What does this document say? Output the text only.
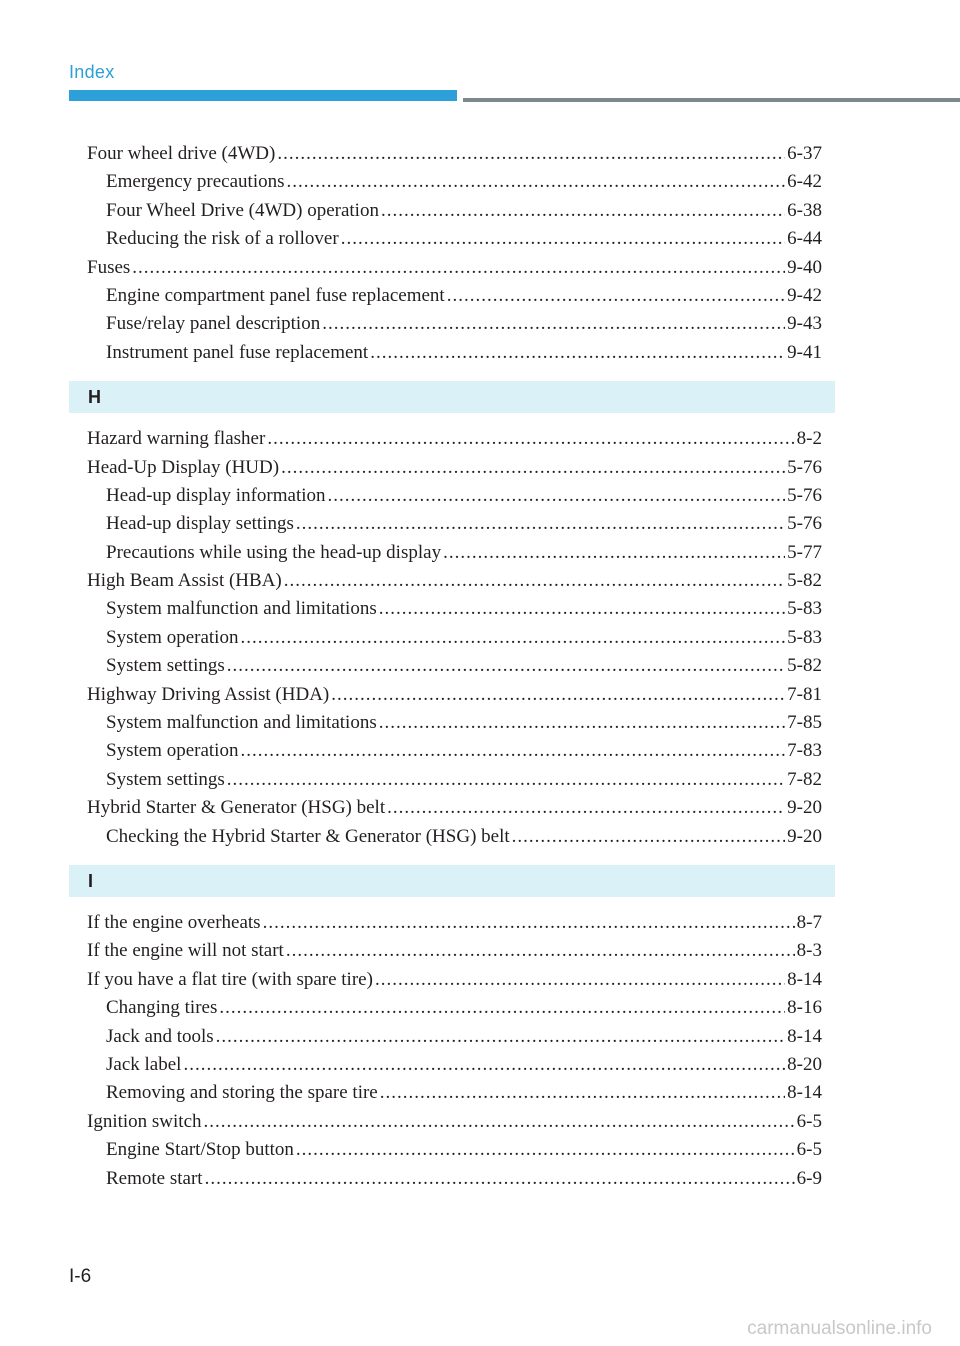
Index
Four wheel drive (4WD) .....	6-37
Emergency precautions .....	6-42
Four Wheel Drive (4WD) operation .....	6-38
Reducing the risk of a rollover .....	6-44
Fuses .....	9-40
Engine compartment panel fuse replacement .....	9-42
Fuse/relay panel description .....	9-43
Instrument panel fuse replacement .....	9-41
H
Hazard warning flasher .....	8-2
Head-Up Display (HUD) .....	5-76
Head-up display information .....	5-76
Head-up display settings .....	5-76
Precautions while using the head-up display .....	5-77
High Beam Assist (HBA) .....	5-82
System malfunction and limitations .....	5-83
System operation .....	5-83
System settings .....	5-82
Highway Driving Assist (HDA) .....	7-81
System malfunction and limitations .....	7-85
System operation .....	7-83
System settings .....	7-82
Hybrid Starter & Generator (HSG) belt .....	9-20
Checking the Hybrid Starter & Generator (HSG) belt .....	9-20
I
If the engine overheats .....	8-7
If the engine will not start .....	8-3
If you have a flat tire (with spare tire) .....	8-14
Changing tires .....	8-16
Jack and tools .....	8-14
Jack label .....	8-20
Removing and storing the spare tire .....	8-14
Ignition switch .....	6-5
Engine Start/Stop button .....	6-5
Remote start .....	6-9
I-6
carmanualsonline.info
